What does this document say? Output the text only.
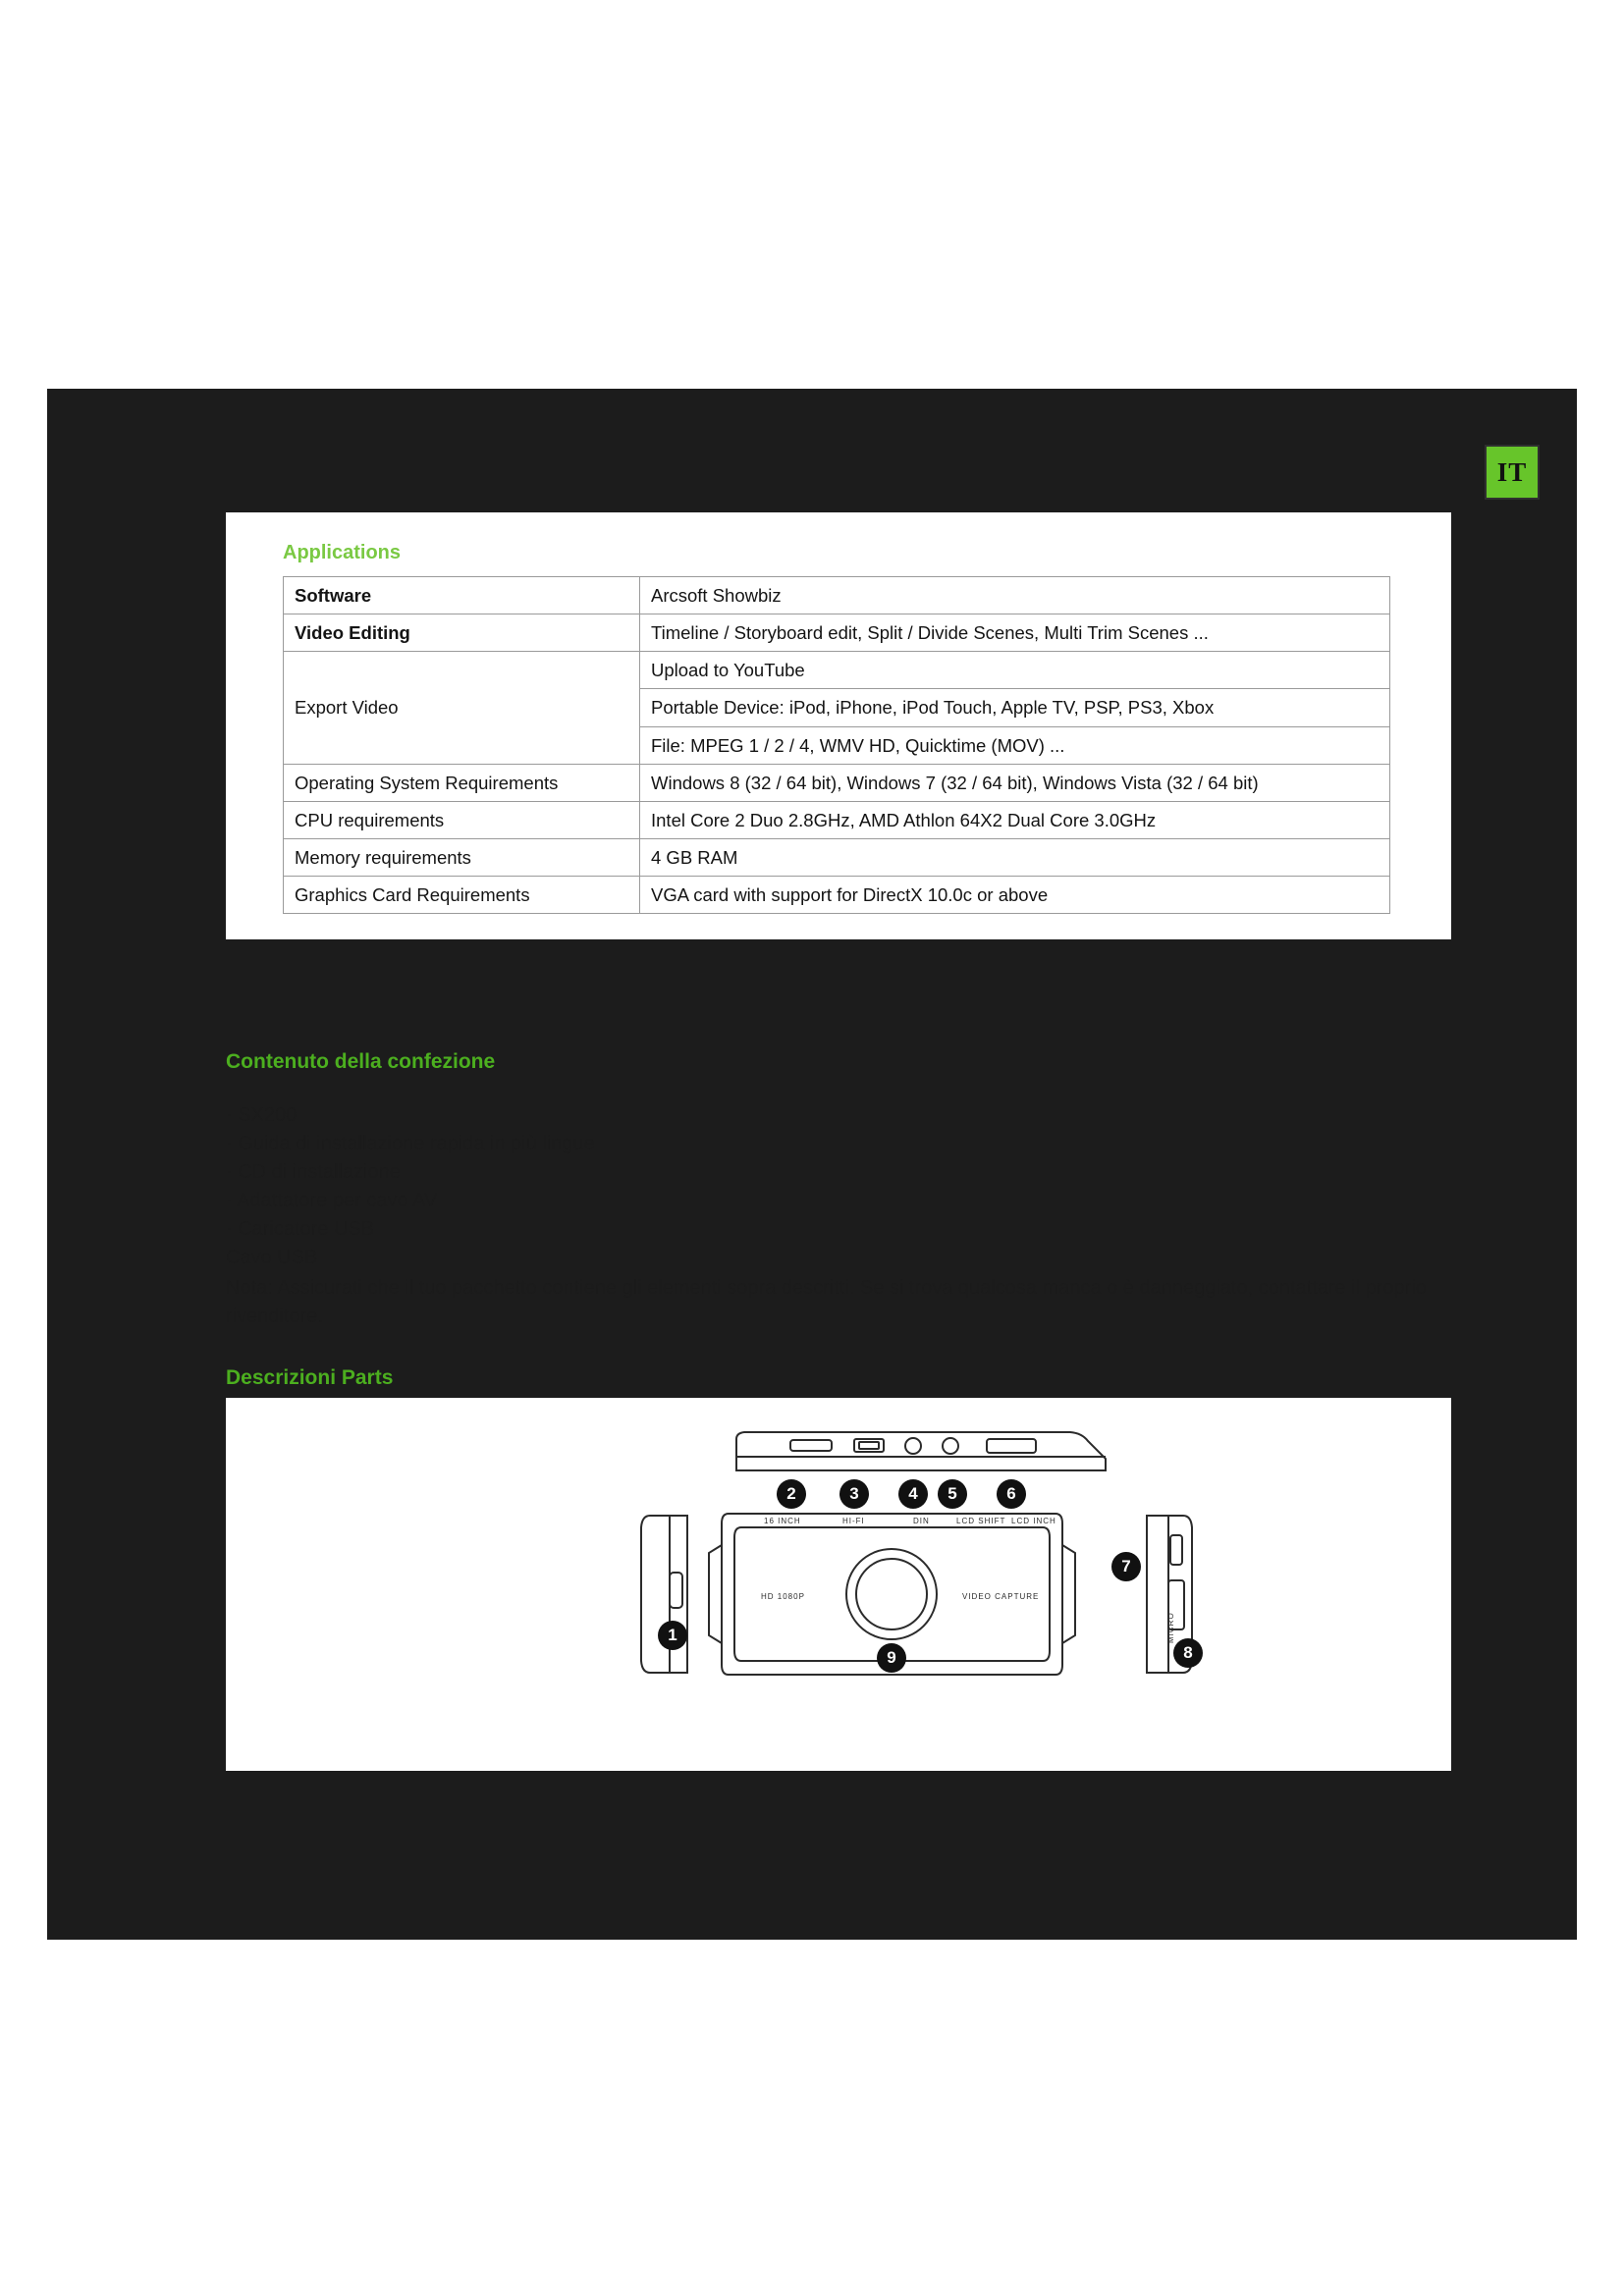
IT
Applications
Software	Arcsoft Showbiz
Video Editing	Timeline / Storyboard edit, Split / Divide Scenes, Multi Trim Scenes ...
Export Video	Upload to YouTube
	Portable Device: iPod, iPhone, iPod Touch, Apple TV, PSP, PS3, Xbox
	File: MPEG 1 / 2 / 4, WMV HD, Quicktime (MOV) ...
Operating System Requirements	Windows 8 (32 / 64 bit), Windows 7 (32 / 64 bit), Windows Vista (32 / 64 bit)
CPU requirements	Intel Core 2 Duo 2.8GHz, AMD Athlon 64X2 Dual Core 3.0GHz
Memory requirements	4 GB RAM
Graphics Card Requirements	VGA card with support for DirectX 10.0c or above
Contenuto della confezione
· SX200
· Guida di installazione rapida in più lingue
· CD di installazione
· Adattatore per cavo AV
· Caricatore USB
Cavo USB
Nota: Assicurati che il tuo pacchetto contiene gli elementi sopra descritti. Se si trova qualcosa manca o è danneggiato, contattare il proprio rivenditore.
Descrizioni Parts
16 INCH	HI-FI	DIN	LCD SHIFT LCD INCH
HD 1080P	VIDEO CAPTURE
MICRO
1
2	3	4	5	6
7
8
9
